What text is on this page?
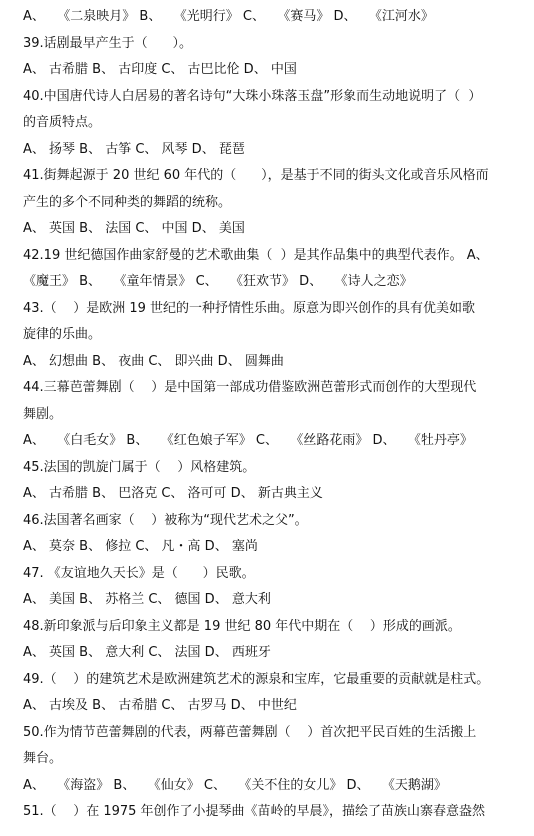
A、   《二泉映月》 B、   《光明行》 C、   《赛马》 D、   《江河水》
39.话剧最早产生于（      ）。
A、 古希腊 B、 古印度 C、 古巴比伦 D、 中国
40.中国唐代诗人白居易的著名诗句“大珠小珠落玉盘”形象而生动地说明了（  ）
的音质特点。
A、 扬琴 B、 古筝 C、 风琴 D、 琵琶
41.街舞起源于 20 世纪 60 年代的（      ），是基于不同的街头文化或音乐风格而
产生的多个不同种类的舞蹈的统称。
A、 英国 B、 法国 C、 中国 D、 美国
42.19 世纪德国作曲家舒曼的艺术歌曲集（  ）是其作品集中的典型代表作。 A、
《魔王》 B、   《童年情景》 C、   《狂欢节》 D、   《诗人之恋》
43.（    ）是欧洲 19 世纪的一种抒情性乐曲。原意为即兴创作的具有优美如歌
旋律的乐曲。
A、 幻想曲 B、 夜曲 C、 即兴曲 D、 圆舞曲
44.三幕芭蕾舞剧（    ）是中国第一部成功借鉴欧洲芭蕾形式而创作的大型现代
舞剧。
A、   《白毛女》 B、   《红色娘子军》 C、   《丝路花雨》 D、   《牡丹亭》
45.法国的凯旋门属于（    ）风格建筑。
A、 古希腊 B、 巴洛克 C、 洛可可 D、 新古典主义
46.法国著名画家（    ）被称为“现代艺术之父”。
A、 莫奈 B、 修拉 C、 凡・高 D、 塞尚
47. 《友谊地久天长》是（      ）民歌。
A、 美国 B、 苏格兰 C、 德国 D、 意大利
48.新印象派与后印象主义都是 19 世纪 80 年代中期在（    ）形成的画派。
A、 英国 B、 意大利 C、 法国 D、 西班牙
49.（    ）的建筑艺术是欧洲建筑艺术的源泉和宝库，它最重要的贡献就是柱式。
A、 古埃及 B、 古希腊 C、 古罗马 D、 中世纪
50.作为情节芭蕾舞剧的代表，两幕芭蕾舞剧（    ）首次把平民百姓的生活搬上
舞台。
A、   《海盗》 B、   《仙女》 C、   《关不住的女儿》 D、   《天鹅湖》
51.（    ）在 1975 年创作了小提琴曲《苗岭的早晨》，描绘了苗族山寨春意盎然
